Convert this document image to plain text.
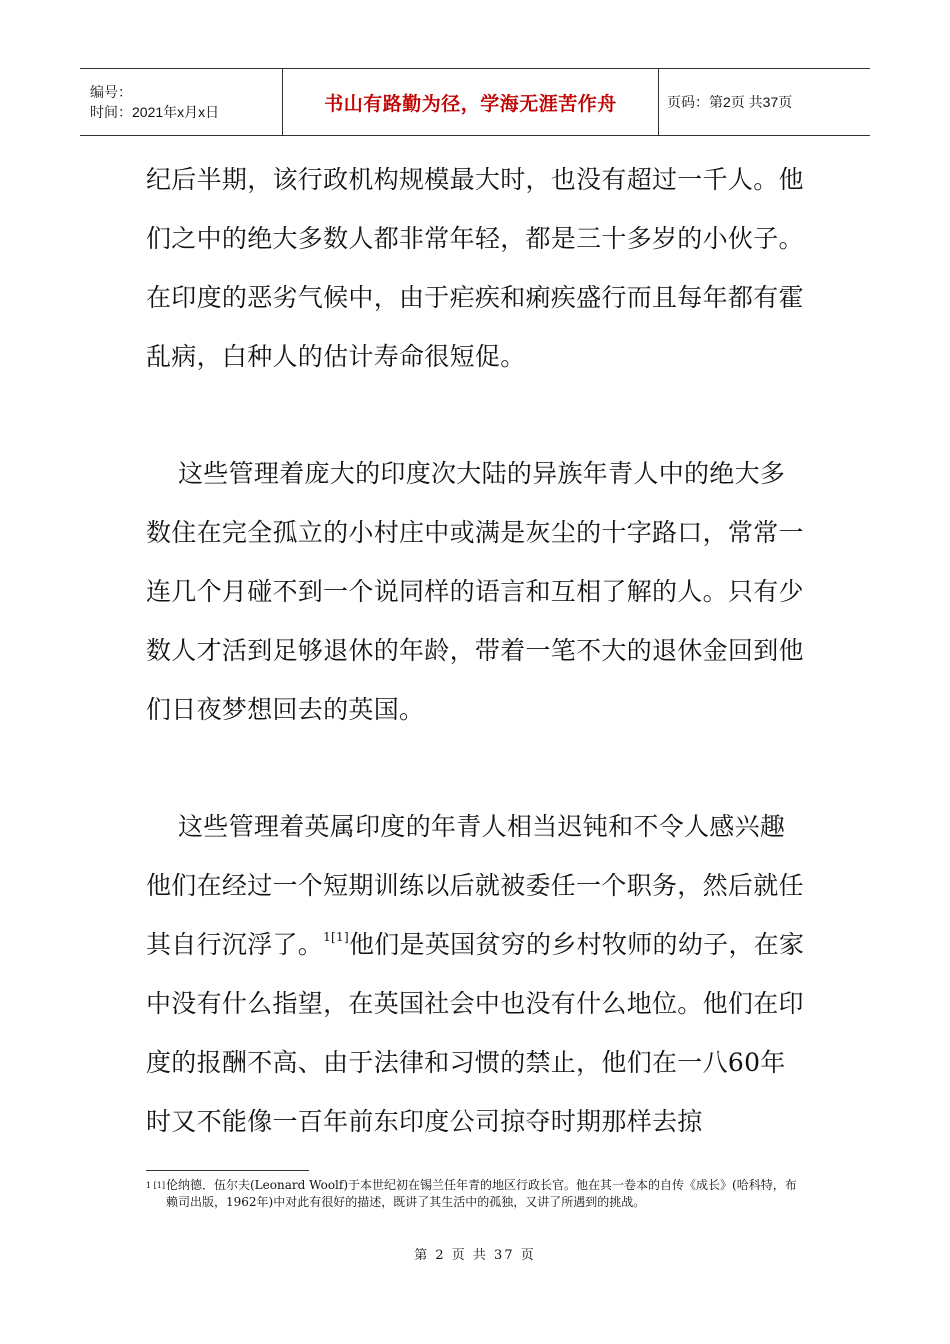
编号：
时间：2021年x月x日	书山有路勤为径，学海无涯苦作舟	页码：第2页 共37页

纪后半期，该行政机构规模最大时，也没有超过一千人。他们之中的绝大多数人都非常年轻，都是三十多岁的小伙子。在印度的恶劣气候中，由于疟疾和痢疾盛行而且每年都有霍乱病，白种人的估计寿命很短促。

这些管理着庞大的印度次大陆的异族年青人中的绝大多数住在完全孤立的小村庄中或满是灰尘的十字路口，常常一连几个月碰不到一个说同样的语言和互相了解的人。只有少数人才活到足够退休的年龄，带着一笔不大的退休金回到他们日夜梦想回去的英国。

这些管理着英属印度的年青人相当迟钝和不令人感兴趣他们在经过一个短期训练以后就被委任一个职务，然后就任其自行沉浮了。$^{1[1]}$他们是英国贫穷的乡村牧师的幼子，在家中没有什么指望，在英国社会中也没有什么地位。他们在印度的报酬不高、由于法律和习惯的禁止，他们在一八60年时又不能像一百年前东印度公司掠夺时期那样去掠

1 [1]伦纳德．伍尔夫(Leonard Woolf)于本世纪初在锡兰任年青的地区行政长官。他在其一卷本的自传《成长》(哈科特，布赖司出版，1962年)中对此有很好的描述，既讲了其生活中的孤独，又讲了所遇到的挑战。
第 2 页 共 37 页
